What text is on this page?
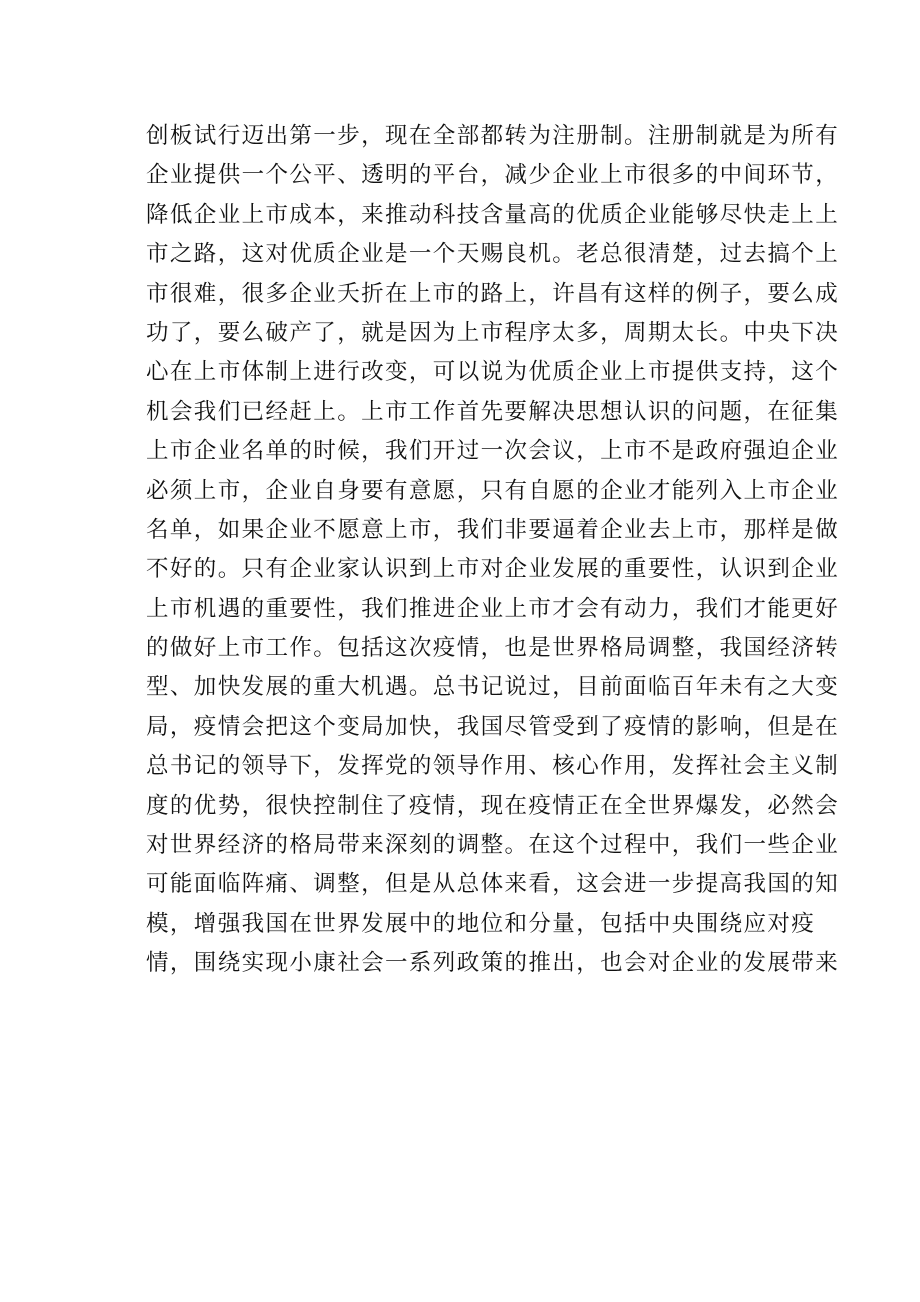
创板试行迈出第一步，现在全部都转为注册制。注册制就是为所有
企业提供一个公平、透明的平台，减少企业上市很多的中间环节，
降低企业上市成本，来推动科技含量高的优质企业能够尽快走上上
市之路，这对优质企业是一个天赐良机。老总很清楚，过去搞个上
市很难，很多企业夭折在上市的路上，许昌有这样的例子，要么成
功了，要么破产了，就是因为上市程序太多，周期太长。中央下决
心在上市体制上进行改变，可以说为优质企业上市提供支持，这个
机会我们已经赶上。上市工作首先要解决思想认识的问题，在征集
上市企业名单的时候，我们开过一次会议，上市不是政府强迫企业
必须上市，企业自身要有意愿，只有自愿的企业才能列入上市企业
名单，如果企业不愿意上市，我们非要逼着企业去上市，那样是做
不好的。只有企业家认识到上市对企业发展的重要性，认识到企业
上市机遇的重要性，我们推进企业上市才会有动力，我们才能更好
的做好上市工作。包括这次疫情，也是世界格局调整，我国经济转
型、加快发展的重大机遇。总书记说过，目前面临百年未有之大变
局，疫情会把这个变局加快，我国尽管受到了疫情的影响，但是在
总书记的领导下，发挥党的领导作用、核心作用，发挥社会主义制
度的优势，很快控制住了疫情，现在疫情正在全世界爆发，必然会
对世界经济的格局带来深刻的调整。在这个过程中，我们一些企业
可能面临阵痛、调整，但是从总体来看，这会进一步提高我国的知
模，增强我国在世界发展中的地位和分量，包括中央围绕应对疫
情，围绕实现小康社会一系列政策的推出，也会对企业的发展带来
